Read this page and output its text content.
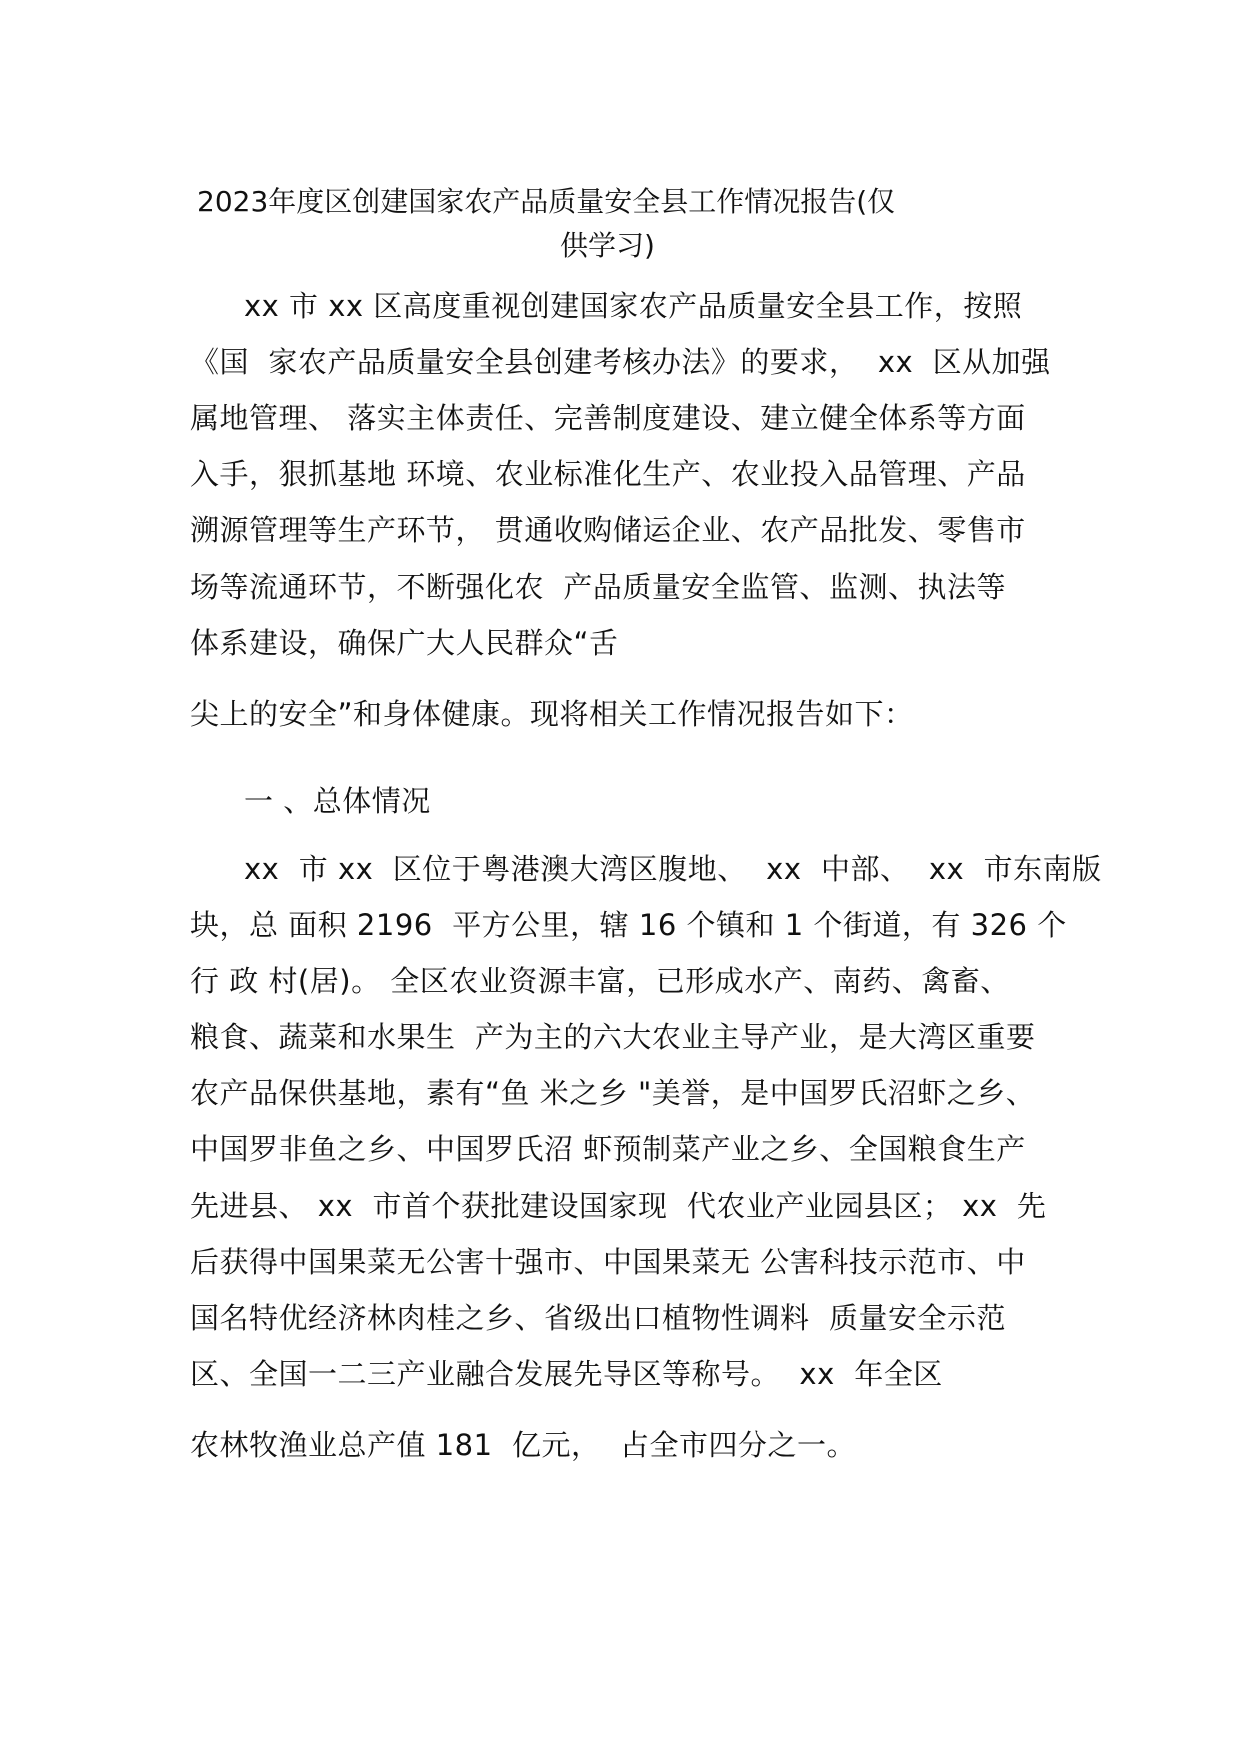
2023年度区创建国家农产品质量安全县工作情况报告(仅
供学习)
xx 市 xx 区高度重视创建国家农产品质量安全县工作，按照
《国  家农产品质量安全县创建考核办法》的要求，  xx  区从加强
属地管理、 落实主体责任、完善制度建设、建立健全体系等方面
入手，狠抓基地 环境、农业标准化生产、农业投入品管理、产品
溯源管理等生产环节， 贯通收购储运企业、农产品批发、零售市
场等流通环节，不断强化农  产品质量安全监管、监测、执法等
体系建设，确保广大人民群众“舌
尖上的安全”和身体健康。现将相关工作情况报告如下：
一 、总体情况
xx  市 xx  区位于粤港澳大湾区腹地、  xx  中部、  xx  市东南版
块，总 面积 2196  平方公里，辖 16 个镇和 1 个街道，有 326 个
行 政 村(居)。 全区农业资源丰富，已形成水产、南药、禽畜、
粮食、蔬菜和水果生  产为主的六大农业主导产业，是大湾区重要
农产品保供基地，素有“鱼 米之乡 "美誉，是中国罗氏沼虾之乡、
中国罗非鱼之乡、中国罗氏沼 虾预制菜产业之乡、全国粮食生产
先进县、 xx  市首个获批建设国家现  代农业产业园县区； xx  先
后获得中国果菜无公害十强市、中国果菜无 公害科技示范市、中
国名特优经济林肉桂之乡、省级出口植物性调料  质量安全示范
区、全国一二三产业融合发展先导区等称号。  xx  年全区
农林牧渔业总产值 181  亿元，  占全市四分之一。
